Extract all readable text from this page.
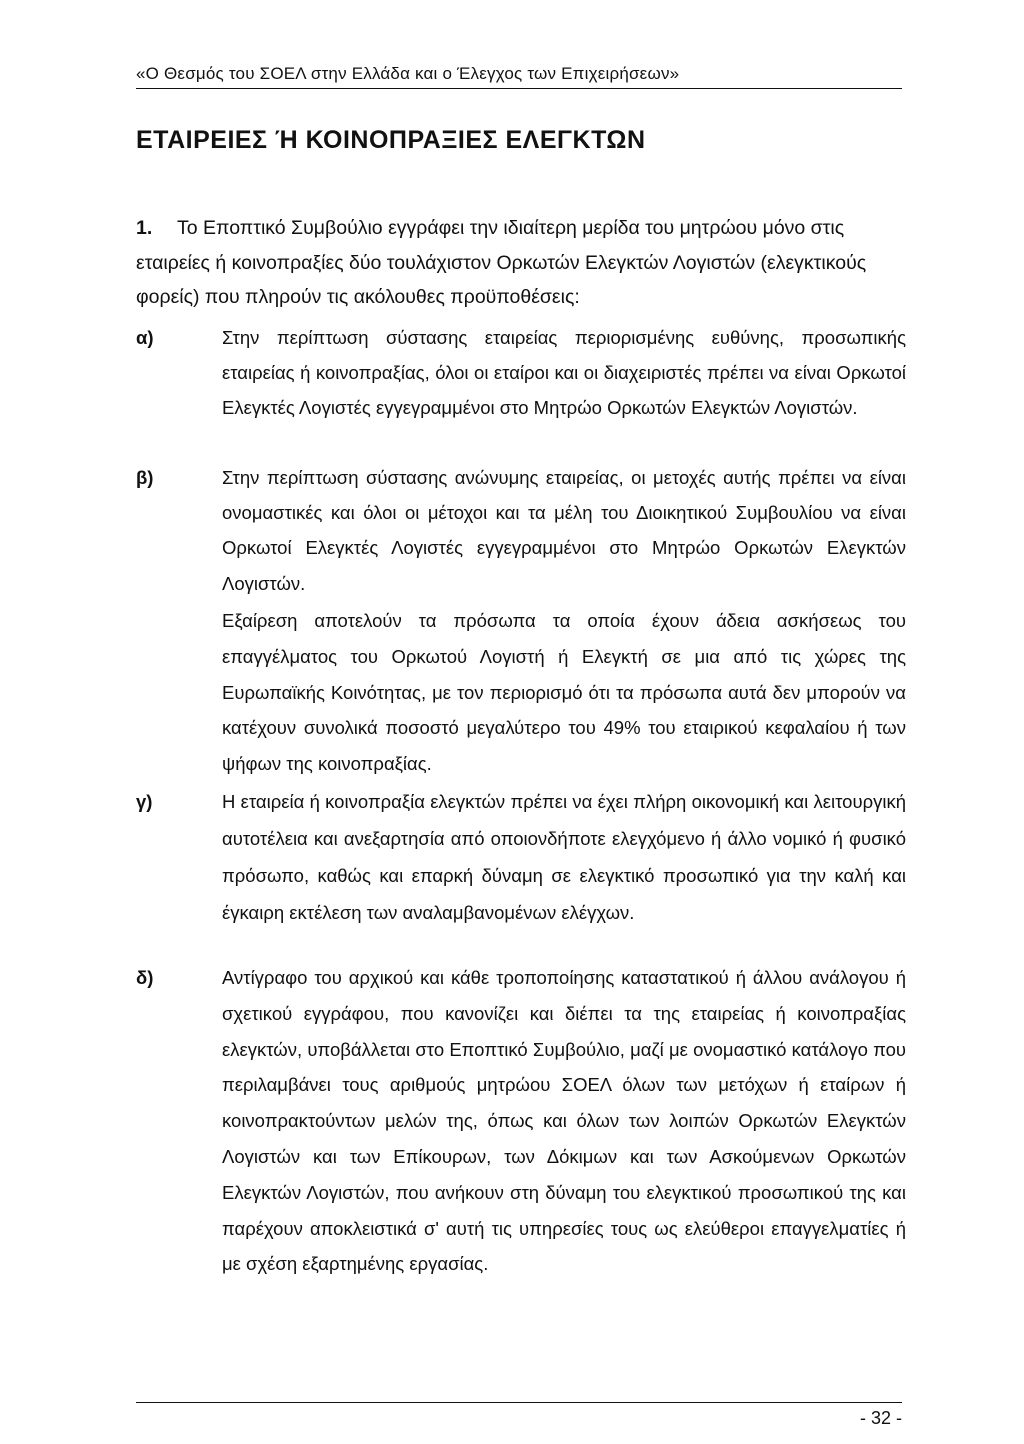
«Ο Θεσμός του ΣΟΕΛ στην Ελλάδα και ο Έλεγχος των Επιχειρήσεων»
ΕΤΑΙΡΕΙΕΣ Ή ΚΟΙΝΟΠΡΑΞΙΕΣ ΕΛΕΓΚΤΩΝ
1. Το Εποπτικό Συμβούλιο εγγράφει την ιδιαίτερη μερίδα του μητρώου μόνο στις εταιρείες ή κοινοπραξίες δύο τουλάχιστον Ορκωτών Ελεγκτών Λογιστών (ελεγκτικούς φορείς) που πληρούν τις ακόλουθες προϋποθέσεις:
α)	Στην περίπτωση σύστασης εταιρείας περιορισμένης ευθύνης, προσωπικής εταιρείας ή κοινοπραξίας, όλοι οι εταίροι και οι διαχειριστές πρέπει να είναι Ορκωτοί Ελεγκτές Λογιστές εγγεγραμμένοι στο Μητρώο Ορκωτών Ελεγκτών Λογιστών.
β)	Στην περίπτωση σύστασης ανώνυμης εταιρείας, οι μετοχές αυτής πρέπει να είναι ονομαστικές και όλοι οι μέτοχοι και τα μέλη του Διοικητικού Συμβουλίου να είναι Ορκωτοί Ελεγκτές Λογιστές εγγεγραμμένοι στο Μητρώο Ορκωτών Ελεγκτών Λογιστών.
Εξαίρεση αποτελούν τα πρόσωπα τα οποία έχουν άδεια ασκήσεως του επαγγέλματος του Ορκωτού Λογιστή ή Ελεγκτή σε μια από τις χώρες της Ευρωπαϊκής Κοινότητας, με τον περιορισμό ότι τα πρόσωπα αυτά δεν μπορούν να κατέχουν συνολικά ποσοστό μεγαλύτερο του 49% του εταιρικού κεφαλαίου ή των ψήφων της κοινοπραξίας.
γ)	Η εταιρεία ή κοινοπραξία ελεγκτών πρέπει να έχει πλήρη οικονομική και λειτουργική αυτοτέλεια και ανεξαρτησία από οποιονδήποτε ελεγχόμενο ή άλλο νομικό ή φυσικό πρόσωπο, καθώς και επαρκή δύναμη σε ελεγκτικό προσωπικό για την καλή και έγκαιρη εκτέλεση των αναλαμβανομένων ελέγχων.
δ)	Αντίγραφο του αρχικού και κάθε τροποποίησης καταστατικού ή άλλου ανάλογου ή σχετικού εγγράφου, που κανονίζει και διέπει τα της εταιρείας ή κοινοπραξίας ελεγκτών, υποβάλλεται στο Εποπτικό Συμβούλιο, μαζί με ονομαστικό κατάλογο που περιλαμβάνει τους αριθμούς μητρώου ΣΟΕΛ όλων των μετόχων ή εταίρων ή κοινοπρακτούντων μελών της, όπως και όλων των λοιπών Ορκωτών Ελεγκτών Λογιστών και των Επίκουρων, των Δόκιμων και των Ασκούμενων Ορκωτών Ελεγκτών Λογιστών, που ανήκουν στη δύναμη του ελεγκτικού προσωπικού της και παρέχουν αποκλειστικά σ' αυτή τις υπηρεσίες τους ως ελεύθεροι επαγγελματίες ή με σχέση εξαρτημένης εργασίας.
- 32 -
